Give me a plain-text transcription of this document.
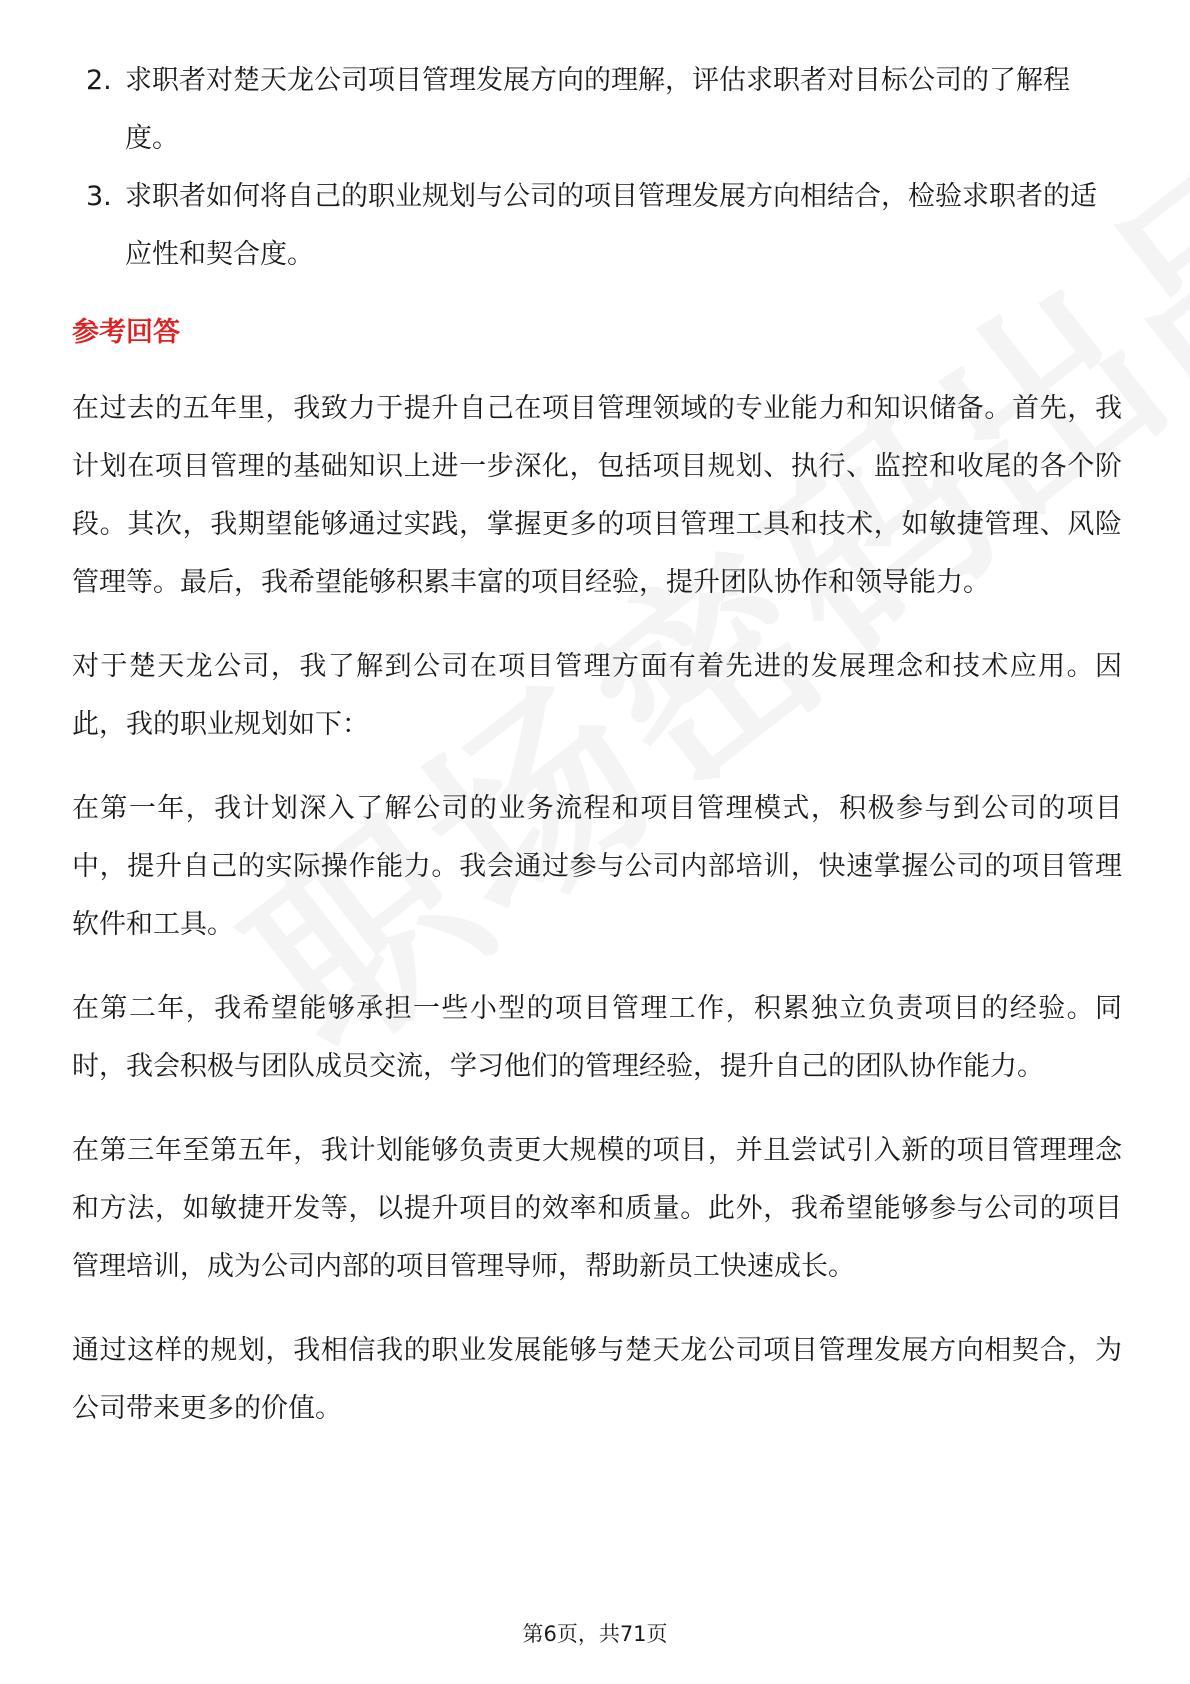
2. 求职者对楚天龙公司项目管理发展方向的理解，评估求职者对目标公司的了解程度。
3. 求职者如何将自己的职业规划与公司的项目管理发展方向相结合，检验求职者的适应性和契合度。
参考回答

在过去的五年里，我致力于提升自己在项目管理领域的专业能力和知识储备。首先，我计划在项目管理的基础知识上进一步深化，包括项目规划、执行、监控和收尾的各个阶段。其次，我期望能够通过实践，掌握更多的项目管理工具和技术，如敏捷管理、风险管理等。最后，我希望能够积累丰富的项目经验，提升团队协作和领导能力。

对于楚天龙公司，我了解到公司在项目管理方面有着先进的发展理念和技术应用。因此，我的职业规划如下：

在第一年，我计划深入了解公司的业务流程和项目管理模式，积极参与到公司的项目中，提升自己的实际操作能力。我会通过参与公司内部培训，快速掌握公司的项目管理软件和工具。

在第二年，我希望能够承担一些小型的项目管理工作，积累独立负责项目的经验。同时，我会积极与团队成员交流，学习他们的管理经验，提升自己的团队协作能力。

在第三年至第五年，我计划能够负责更大规模的项目，并且尝试引入新的项目管理理念和方法，如敏捷开发等，以提升项目的效率和质量。此外，我希望能够参与公司的项目管理培训，成为公司内部的项目管理导师，帮助新员工快速成长。

通过这样的规划，我相信我的职业发展能够与楚天龙公司项目管理发展方向相契合，为公司带来更多的价值。

第6页，共71页
